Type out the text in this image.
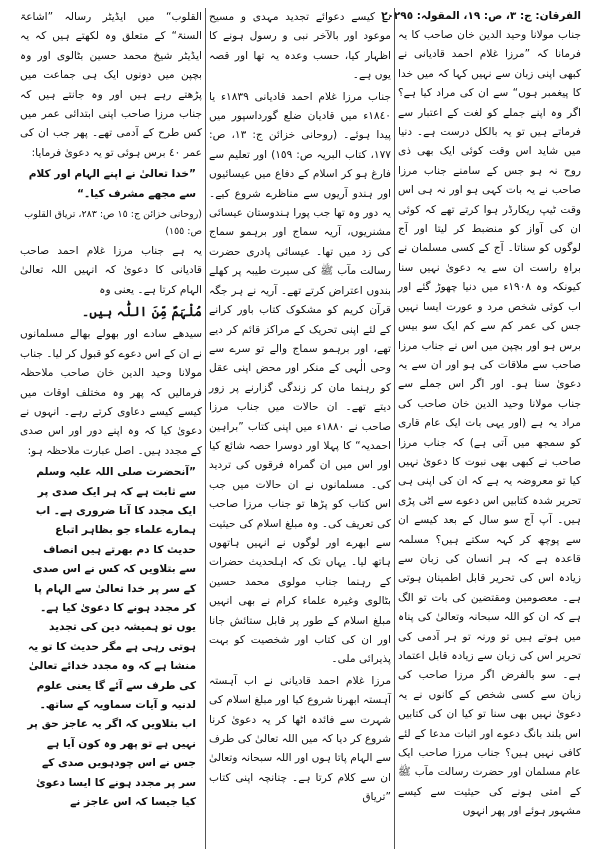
الفرقان: ج: ٣، ص: ١٩، المقولہ: ٢٠٢٩٥

جناب مولانا وحید الدین خان صاحب کا یہ فرمانا کہ ”مرزا غلام احمد قادیانی نے کبھی اپنی زبان سے نہیں کہا کہ میں خدا کا پیغمبر ہوں“ سے ان کی مراد کیا ہے؟ اگر وہ اپنے جملے کو لغت کے اعتبار سے فرماتے ہیں تو یہ بالکل درست ہے۔ دنیا میں شاید اس وقت کوئی ایک بھی ذی روح نہ ہو جس کے سامنے جناب مرزا صاحب نے یہ بات کہی ہو اور نہ ہی اس وقت ٹیپ ریکارڈر ہوا کرتے تھے کہ کوئی ان کی آواز کو منضبط کر لیتا اور آج لوگوں کو سناتا۔ آج کے کسی مسلمان نے براہِ راست ان سے یہ دعویٰ نہیں سنا کیونکہ وہ ١٩٠٨ء میں دنیا چھوڑ گئے اور اب کوئی شخص مرد و عورت ایسا نہیں جس کی عمر کم سے کم ایک سو بیس برس ہو اور بچپن میں اس نے جناب مرزا صاحب سے ملاقات کی ہو اور ان سے یہ دعویٰ سنا ہو۔ اور اگر اس جملے سے جناب مولانا وحید الدین خان صاحب کی مراد یہ ہے (اور یہی بات ایک عام قاری کو سمجھ میں آتی ہے) کہ جناب مرزا صاحب نے کبھی بھی نبوت کا دعویٰ نہیں کیا تو معروضہ یہ ہے کہ ان کی اپنی ہی تحریر شدہ کتابیں اس دعوے سے اٹی پڑی ہیں۔ آپ آج سو سال کے بعد کیسے ان سے پوچھ کر کہہ سکتے ہیں؟ مسلمہ قاعدہ ہے کہ ہر انسان کی زبان سے زیادہ اس کی تحریر قابل اطمینان ہوتی ہے۔ معصومین ومقتضین کی بات تو الگ ہے کہ ان کو اللہ سبحانہ وتعالیٰ کی پناہ میں ہوتے ہیں تو ورنہ تو ہر آدمی کی تحریر اس کی زبان سے زیادہ قابل اعتماد ہے۔ سو بالفرض اگر مرزا صاحب کی زبان سے کسی شخص کے کانوں نے یہ دعویٰ نہیں بھی سنا تو کیا ان کی کتابیں اس بلند بانگ دعوے اور اثبات مدعا کے لئے کافی نہیں ہیں؟ جناب مرزا صاحب ایک عام مسلمان اور حضرت رسالت مآب ﷺ کے امتی ہونے کی حیثیت سے کیسے مشہور ہوئے اور پھر انہوں

نے کیسے دعوائے تجدید مہدی و مسیح موعود اور بالآخر نبی و رسول ہونے کا اظہار کیا، حسب وعدہ یہ تھا اور قصہ یوں ہے۔

جناب مرزا غلام احمد قادیانی ١٨٣٩ء یا ١٨٤٠ء میں قادیان ضلع گورداسپور میں پیدا ہوئے۔ (روحانی خزائن ج: ١٣، ص: ١٧٧، کتاب البریہ ص: ١٥٩) اور تعلیم سے فارغ ہو کر اسلام کے دفاع میں عیسائیوں اور ہندو آریوں سے مناظرے شروع کیے۔ یہ دور وہ تھا جب پورا ہندوستان عیسائی مشنریوں، آریہ سماج اور برہمو سماج کی زد میں تھا۔ عیسائی پادری حضرت رسالت مآب ﷺ کی سیرت طیبہ پر کھلے بندوں اعتراض کرتے تھے۔ آریہ نے ہر جگہ قرآن کریم کو مشکوک کتاب باور کرانے کے لئے اپنی تحریک کے مراکز قائم کر دیے تھے، اور برہمو سماج والے تو سرے سے وحی الٰہی کے منکر اور محض اپنی عقل کو رہنما مان کر زندگی گزارنے پر زور دیتے تھے۔ ان حالات میں جناب مرزا صاحب نے ١٨٨٠ء میں اپنی کتاب ”براہین احمدیہ“ کا پہلا اور دوسرا حصہ شائع کیا اور اس میں ان گمراہ فرقوں کی تردید کی۔ مسلمانوں نے ان حالات میں جب اس کتاب کو پڑھا تو جناب مرزا صاحب کی تعریف کی۔ وہ مبلغ اسلام کی حیثیت سے ابھرے اور لوگوں نے انہیں ہاتھوں ہاتھ لیا۔ یہاں تک کہ اہلحدیث حضرات کے رہنما جناب مولوی محمد حسین بٹالوی وغیرہ علماء کرام نے بھی انہیں مبلغ اسلام کے طور پر قابل ستائش جانا اور ان کی کتاب اور شخصیت کو بہت پذیرائی ملی۔

مرزا غلام احمد قادیانی نے اب آہستہ آہستہ ابھرنا شروع کیا اور مبلغ اسلام کی شہرت سے فائدہ اٹھا کر یہ دعویٰ کرنا شروع کر دیا کہ میں اللہ تعالیٰ کی طرف سے الہام پاتا ہوں اور اللہ سبحانہ وتعالیٰ ان سے کلام کرتا ہے۔ چنانچہ اپنی کتاب ”تریاق

القلوب“ میں ایڈیٹر رسالہ ”اشاعۃ السنۃ“ کے متعلق وہ لکھتے ہیں کہ یہ ایڈیٹر شیخ محمد حسین بٹالوی اور وہ بچپن میں دونوں ایک ہی جماعت میں پڑھتے رہے ہیں اور وہ جانتے ہیں کہ جناب مرزا صاحب اپنی ابتدائی عمر میں کس طرح کے آدمی تھے۔ پھر جب ان کی عمر ٤٠ برس ہوئی تو یہ دعویٰ فرمایا:

”خدا تعالیٰ نے اپنے الہام اور کلام سے مجھے مشرف کیا۔“
(روحانی خزائن ج: ١٥ ص: ٢٨٣، تریاق القلوب ص: ١٥٥)

یہ ہے جناب مرزا غلام احمد صاحب قادیانی کا دعویٰ کہ انہیں اللہ تعالیٰ الہام کرتا ہے۔ یعنی وہ

مُلْہَمٌ مِّنَ اللّٰہ ہیں۔

سیدھے سادے اور بھولے بھالے مسلمانوں نے ان کے اس دعوے کو قبول کر لیا۔ جناب مولانا وحید الدین خان صاحب ملاحظہ فرمالیں کہ پھر وہ مختلف اوقات میں کیسے کیسے دعاوی کرتے رہے۔ انہوں نے دعویٰ کیا کہ وہ اپنے دور اور اس صدی کے مجدد ہیں۔ اصل عبارت ملاحظہ ہو:

”آنحضرت صلی اللہ علیہ وسلم سے ثابت ہے کہ ہر ایک صدی پر ایک مجدد کا آنا ضروری ہے۔ اب ہمارے علماء جو بظاہر اتباع حدیث کا دم بھرتے ہیں انصاف سے بتلاویں کہ کس نے اس صدی کے سر پر خدا تعالیٰ سے الہام پا کر مجدد ہونے کا دعویٰ کیا ہے۔ یوں تو ہمیشہ دین کی تجدید ہوتی رہی ہے مگر حدیث کا تو یہ منشا ہے کہ وہ مجدد خدائے تعالیٰ کی طرف سے آئے گا یعنی علوم لدنیہ و آیات سماویہ کے ساتھ۔ اب بتلاویں کہ اگر یہ عاجز حق پر نہیں ہے تو پھر وہ کون آیا ہے جس نے اس چودہویں صدی کے سر پر مجدد ہونے کا ایسا دعویٰ کیا جیسا کہ اس عاجز نے
